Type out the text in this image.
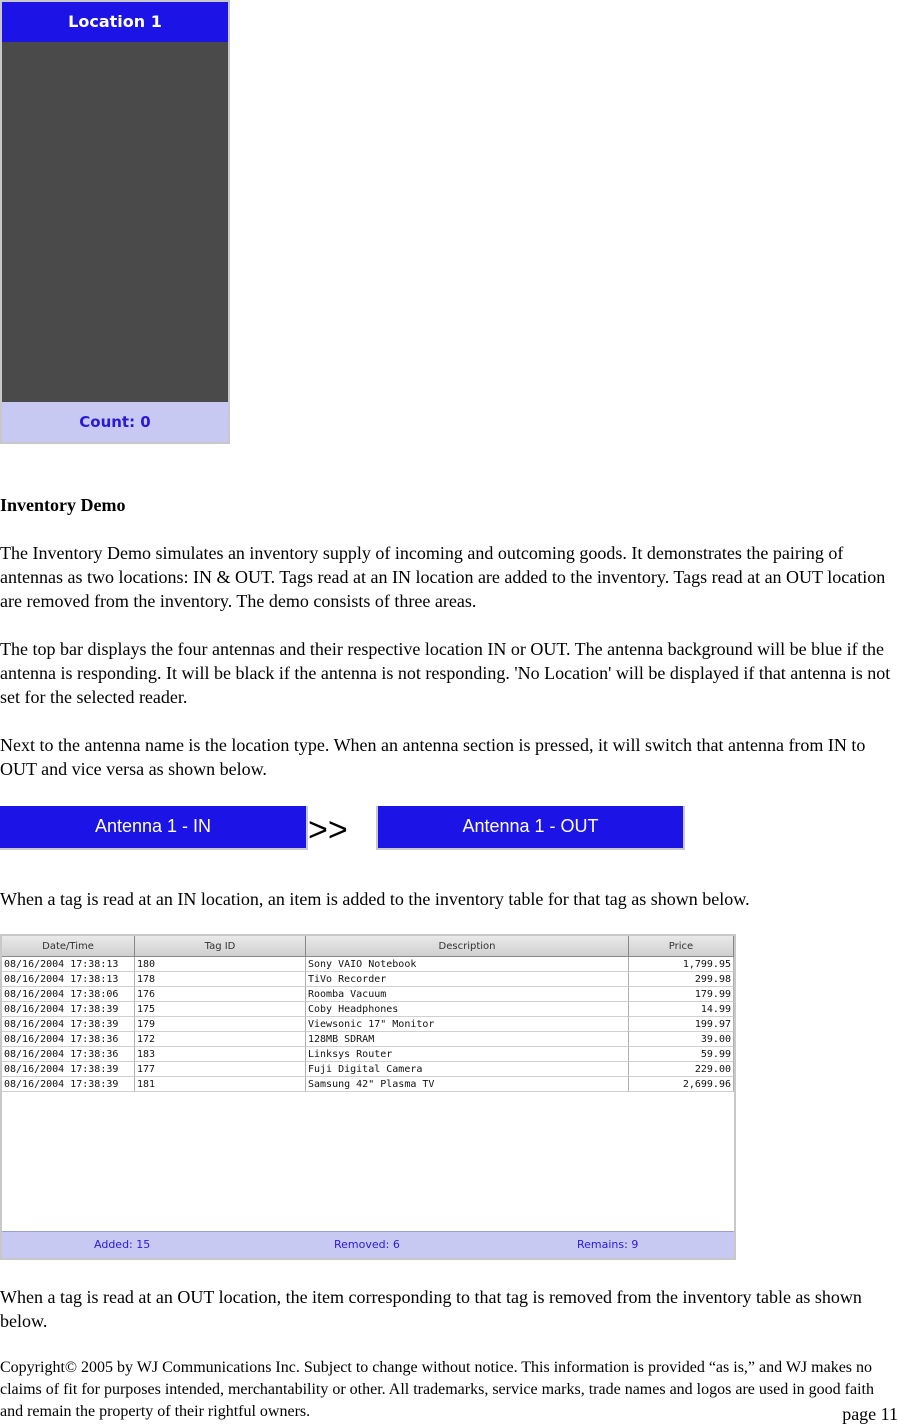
Location 1
Count: 0
Inventory Demo

The Inventory Demo simulates an inventory supply of incoming and outcoming goods. It demonstrates the pairing of antennas as two locations: IN & OUT. Tags read at an IN location are added to the inventory. Tags read at an OUT location are removed from the inventory. The demo consists of three areas.

The top bar displays the four antennas and their respective location IN or OUT. The antenna background will be blue if the antenna is responding. It will be black if the antenna is not responding. 'No Location' will be displayed if that antenna is not set for the selected reader.

Next to the antenna name is the location type. When an antenna section is pressed, it will switch that antenna from IN to OUT and vice versa as shown below.

Antenna 1 - IN	>>	Antenna 1 - OUT

When a tag is read at an IN location, an item is added to the inventory table for that tag as shown below.

Date/Time	Tag ID	Description	Price
08/16/2004 17:38:13	180	Sony VAIO Notebook	1,799.95
08/16/2004 17:38:13	178	TiVo Recorder	299.98
08/16/2004 17:38:06	176	Roomba Vacuum	179.99
08/16/2004 17:38:39	175	Coby Headphones	14.99
08/16/2004 17:38:39	179	Viewsonic 17" Monitor	199.97
08/16/2004 17:38:36	172	128MB SDRAM	39.00
08/16/2004 17:38:36	183	Linksys Router	59.99
08/16/2004 17:38:39	177	Fuji Digital Camera	229.00
08/16/2004 17:38:39	181	Samsung 42" Plasma TV	2,699.96
Added: 15	Removed: 6	Remains: 9

When a tag is read at an OUT location, the item corresponding to that tag is removed from the inventory table as shown below.

Copyright© 2005 by WJ Communications Inc. Subject to change without notice. This information is provided “as is,” and WJ makes no claims of fit for purposes intended, merchantability or other. All trademarks, service marks, trade names and logos are used in good faith and remain the property of their rightful owners.	page 11
